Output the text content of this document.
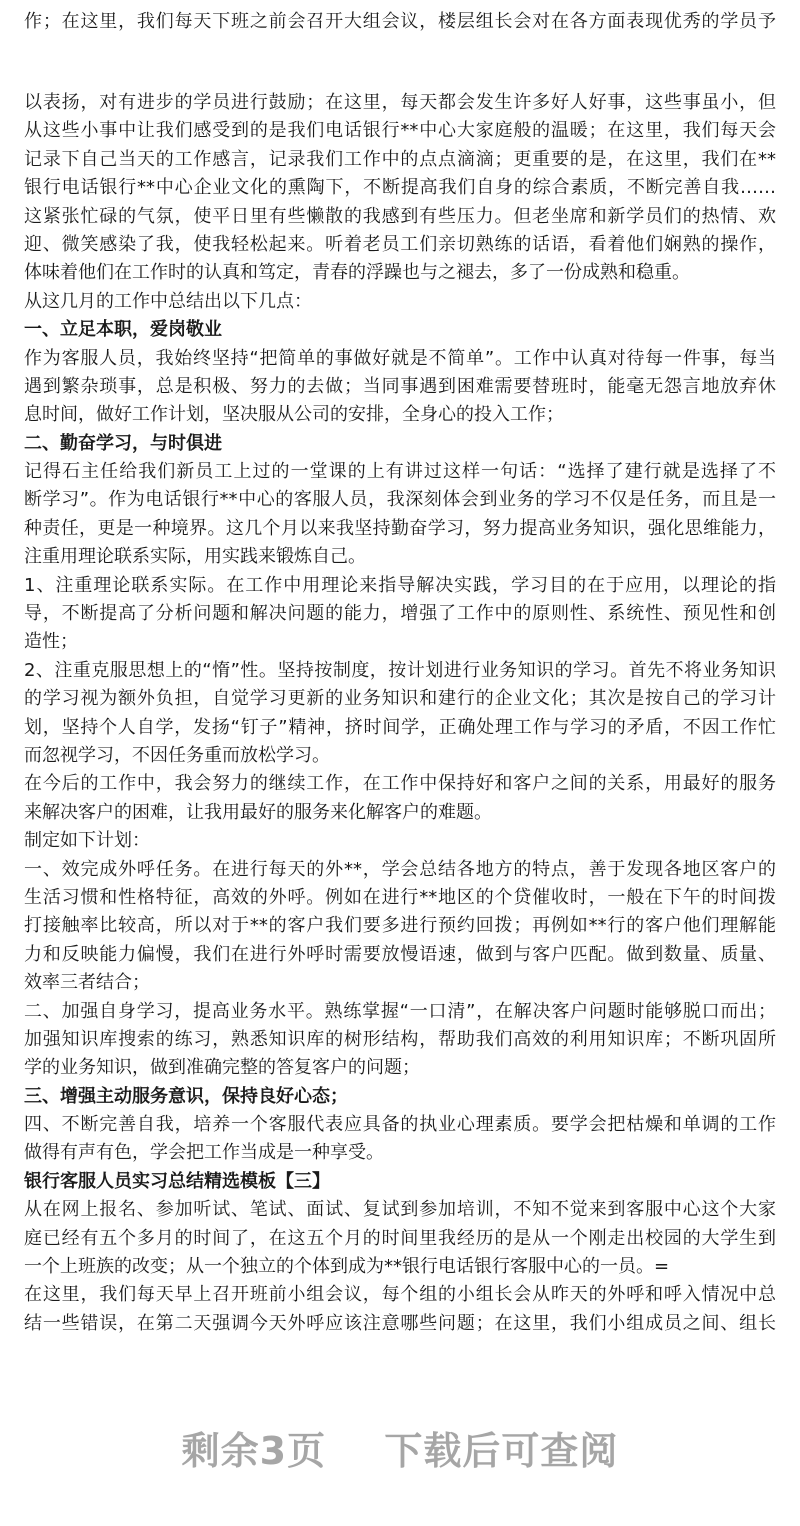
作；在这里，我们每天下班之前会召开大组会议，楼层组长会对在各方面表现优秀的学员予
以表扬，对有进步的学员进行鼓励；在这里，每天都会发生许多好人好事，这些事虽小，但
从这些小事中让我们感受到的是我们电话银行**中心大家庭般的温暖；在这里，我们每天会
记录下自己当天的工作感言，记录我们工作中的点点滴滴；更重要的是，在这里，我们在**
银行电话银行**中心企业文化的熏陶下，不断提高我们自身的综合素质，不断完善自我……
这紧张忙碌的气氛，使平日里有些懒散的我感到有些压力。但老坐席和新学员们的热情、欢
迎、微笑感染了我，使我轻松起来。听着老员工们亲切熟练的话语，看着他们娴熟的操作，
体味着他们在工作时的认真和笃定，青春的浮躁也与之褪去，多了一份成熟和稳重。
从这几月的工作中总结出以下几点：
一、立足本职，爱岗敬业
作为客服人员，我始终坚持“把简单的事做好就是不简单”。工作中认真对待每一件事，每当
遇到繁杂琐事，总是积极、努力的去做；当同事遇到困难需要替班时，能毫无怨言地放弃休
息时间，做好工作计划，坚决服从公司的安排，全身心的投入工作；
二、勤奋学习，与时俱进
记得石主任给我们新员工上过的一堂课的上有讲过这样一句话：“选择了建行就是选择了不
断学习”。作为电话银行**中心的客服人员，我深刻体会到业务的学习不仅是任务，而且是一
种责任，更是一种境界。这几个月以来我坚持勤奋学习，努力提高业务知识，强化思维能力，
注重用理论联系实际，用实践来锻炼自己。
1、注重理论联系实际。在工作中用理论来指导解决实践，学习目的在于应用，以理论的指
导，不断提高了分析问题和解决问题的能力，增强了工作中的原则性、系统性、预见性和创
造性；
2、注重克服思想上的“惰”性。坚持按制度，按计划进行业务知识的学习。首先不将业务知识
的学习视为额外负担，自觉学习更新的业务知识和建行的企业文化；其次是按自己的学习计
划，坚持个人自学，发扬“钉子”精神，挤时间学，正确处理工作与学习的矛盾，不因工作忙
而忽视学习，不因任务重而放松学习。
在今后的工作中，我会努力的继续工作，在工作中保持好和客户之间的关系，用最好的服务
来解决客户的困难，让我用最好的服务来化解客户的难题。
制定如下计划：
一、效完成外呼任务。在进行每天的外**，学会总结各地方的特点，善于发现各地区客户的
生活习惯和性格特征，高效的外呼。例如在进行**地区的个贷催收时，一般在下午的时间拨
打接触率比较高，所以对于**的客户我们要多进行预约回拨；再例如**行的客户他们理解能
力和反映能力偏慢，我们在进行外呼时需要放慢语速，做到与客户匹配。做到数量、质量、
效率三者结合；
二、加强自身学习，提高业务水平。熟练掌握“一口清”，在解决客户问题时能够脱口而出；
加强知识库搜索的练习，熟悉知识库的树形结构，帮助我们高效的利用知识库；不断巩固所
学的业务知识，做到准确完整的答复客户的问题；
三、增强主动服务意识，保持良好心态；
四、不断完善自我，培养一个客服代表应具备的执业心理素质。要学会把枯燥和单调的工作
做得有声有色，学会把工作当成是一种享受。
银行客服人员实习总结精选模板【三】
从在网上报名、参加听试、笔试、面试、复试到参加培训，不知不觉来到客服中心这个大家
庭已经有五个多月的时间了，在这五个月的时间里我经历的是从一个刚走出校园的大学生到
一个上班族的改变；从一个独立的个体到成为**银行电话银行客服中心的一员。=
在这里，我们每天早上召开班前小组会议，每个组的小组长会从昨天的外呼和呼入情况中总
结一些错误，在第二天强调今天外呼应该注意哪些问题；在这里，我们小组成员之间、组长
剩余3页 下载后可查阅
